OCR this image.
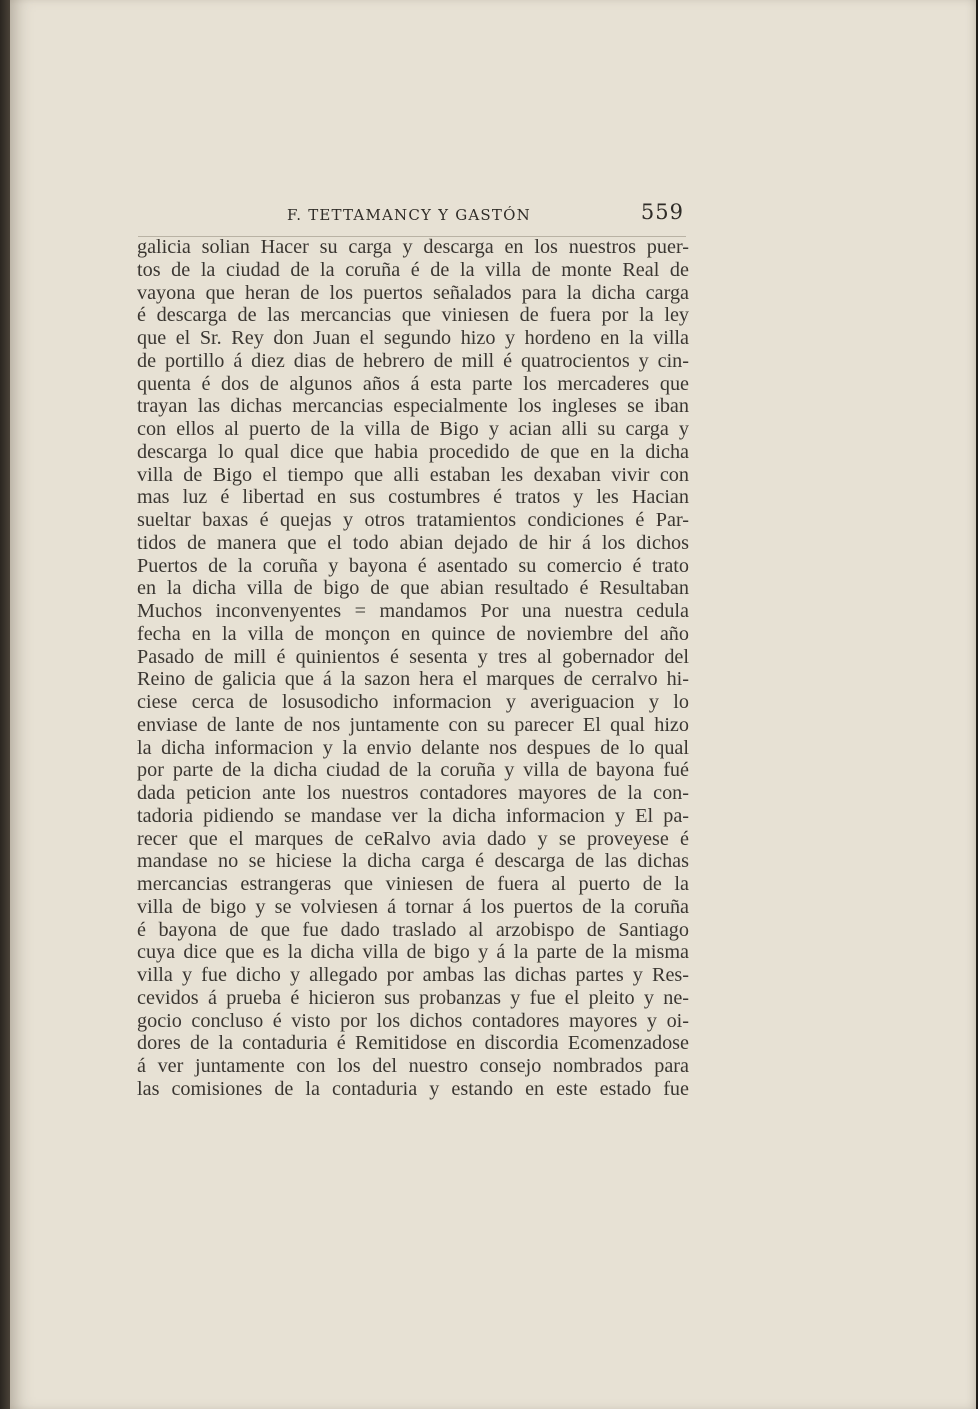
F. TETTAMANCY Y GASTÓN	559
galicia solian Hacer su carga y descarga en los nuestros puer-
tos de la ciudad de la coruña é de la villa de monte Real de
vayona que heran de los puertos señalados para la dicha carga
é descarga de las mercancias que viniesen de fuera por la ley
que el Sr. Rey don Juan el segundo hizo y hordeno en la villa
de portillo á diez dias de hebrero de mill é quatrocientos y cin-
quenta é dos de algunos años á esta parte los mercaderes que
trayan las dichas mercancias especialmente los ingleses se iban
con ellos al puerto de la villa de Bigo y acian alli su carga y
descarga lo qual dice que habia procedido de que en la dicha
villa de Bigo el tiempo que alli estaban les dexaban vivir con
mas luz é libertad en sus costumbres é tratos y les Hacian
sueltar baxas é quejas y otros tratamientos condiciones é Par-
tidos de manera que el todo abian dejado de hir á los dichos
Puertos de la coruña y bayona é asentado su comercio é trato
en la dicha villa de bigo de que abian resultado é Resultaban
Muchos inconvenyentes = mandamos Por una nuestra cedula
fecha en la villa de monçon en quince de noviembre del año
Pasado de mill é quinientos é sesenta y tres al gobernador del
Reino de galicia que á la sazon hera el marques de cerralvo hi-
ciese cerca de losusodicho informacion y averiguacion y lo
enviase de lante de nos juntamente con su parecer El qual hizo
la dicha informacion y la envio delante nos despues de lo qual
por parte de la dicha ciudad de la coruña y villa de bayona fué
dada peticion ante los nuestros contadores mayores de la con-
tadoria pidiendo se mandase ver la dicha informacion y El pa-
recer que el marques de ceRalvo avia dado y se proveyese é
mandase no se hiciese la dicha carga é descarga de las dichas
mercancias estrangeras que viniesen de fuera al puerto de la
villa de bigo y se volviesen á tornar á los puertos de la coruña
é bayona de que fue dado traslado al arzobispo de Santiago
cuya dice que es la dicha villa de bigo y á la parte de la misma
villa y fue dicho y allegado por ambas las dichas partes y Res-
cevidos á prueba é hicieron sus probanzas y fue el pleito y ne-
gocio concluso é visto por los dichos contadores mayores y oi-
dores de la contaduria é Remitidose en discordia Ecomenzadose
á ver juntamente con los del nuestro consejo nombrados para
las comisiones de la contaduria y estando en este estado fue
